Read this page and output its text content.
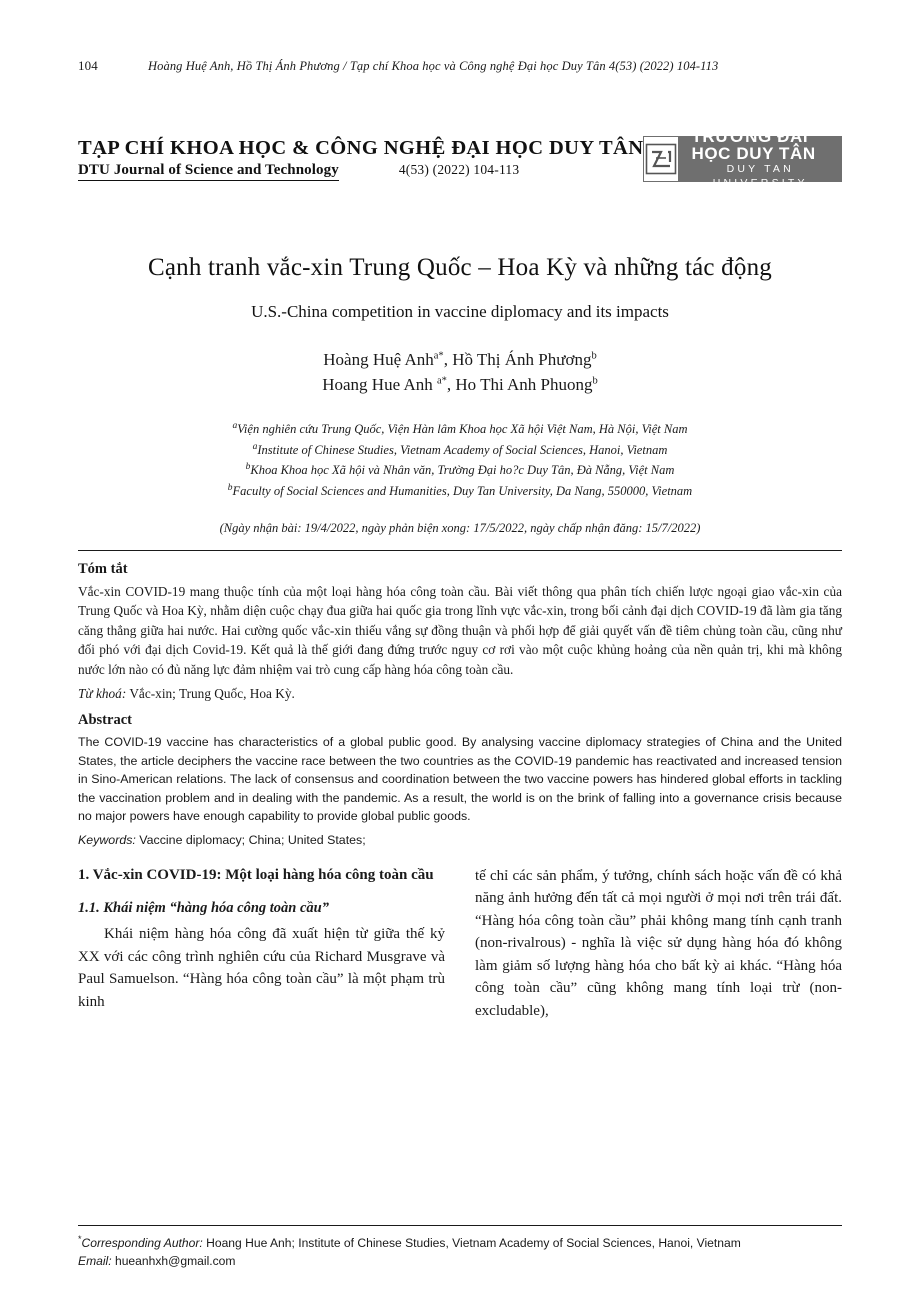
104	Hoàng Huệ Anh, Hồ Thị Ánh Phương / Tạp chí Khoa học và Công nghệ Đại học Duy Tân 4(53) (2022) 104-113
TẠP CHÍ KHOA HỌC & CÔNG NGHỆ ĐẠI HỌC DUY TÂN
DTU Journal of Science and Technology	4(53) (2022) 104-113
TRƯỜNG ĐẠI HỌC DUY TÂN
DUY TAN UNIVERSITY
Cạnh tranh vắc-xin Trung Quốc – Hoa Kỳ và những tác động
U.S.-China competition in vaccine diplomacy and its impacts
Hoàng Huệ Anh$^{a*}$, Hồ Thị Ánh Phương$^b$
Hoang Hue Anh $^{a*}$, Ho Thi Anh Phuong$^b$
$^a$Viện nghiên cứu Trung Quốc, Viện Hàn lâm Khoa học Xã hội Việt Nam, Hà Nội, Việt Nam
$^a$Institute of Chinese Studies, Vietnam Academy of Social Sciences, Hanoi, Vietnam
$^b$Khoa Khoa học Xã hội và Nhân văn, Trường Đại ho?c Duy Tân, Đà Nẵng, Việt Nam
$^b$Faculty of Social Sciences and Humanities, Duy Tan University, Da Nang, 550000, Vietnam
(Ngày nhận bài: 19/4/2022, ngày phản biện xong: 17/5/2022, ngày chấp nhận đăng: 15/7/2022)
Tóm tắt
Vắc-xin COVID-19 mang thuộc tính của một loại hàng hóa công toàn cầu. Bài viết thông qua phân tích chiến lược ngoại giao vắc-xin của Trung Quốc và Hoa Kỳ, nhằm diện cuộc chạy đua giữa hai quốc gia trong lĩnh vực vắc-xin, trong bối cảnh đại dịch COVID-19 đã làm gia tăng căng thẳng giữa hai nước. Hai cường quốc vắc-xin thiếu vắng sự đồng thuận và phối hợp để giải quyết vấn đề tiêm chủng toàn cầu, cũng như đối phó với đại dịch Covid-19. Kết quả là thế giới đang đứng trước nguy cơ rơi vào một cuộc khủng hoảng của nền quản trị, khi mà không nước lớn nào có đủ năng lực đảm nhiệm vai trò cung cấp hàng hóa công toàn cầu.
Từ khoá: Vắc-xin; Trung Quốc, Hoa Kỳ.
Abstract
The COVID-19 vaccine has characteristics of a global public good. By analysing vaccine diplomacy strategies of China and the United States, the article deciphers the vaccine race between the two countries as the COVID-19 pandemic has reactivated and increased tension in Sino-American relations. The lack of consensus and coordination between the two vaccine powers has hindered global efforts in tackling the vaccination problem and in dealing with the pandemic. As a result, the world is on the brink of falling into a governance crisis because no major powers have enough capability to provide global public goods.
Keywords: Vaccine diplomacy; China; United States;
1. Vắc-xin COVID-19: Một loại hàng hóa công toàn cầu
1.1. Khái niệm “hàng hóa công toàn cầu”

Khái niệm hàng hóa công đã xuất hiện từ giữa thế kỷ XX với các công trình nghiên cứu của Richard Musgrave và Paul Samuelson. “Hàng hóa công toàn cầu” là một phạm trù kinh

tế chỉ các sản phẩm, ý tưởng, chính sách hoặc vấn đề có khả năng ảnh hưởng đến tất cả mọi người ở mọi nơi trên trái đất. “Hàng hóa công toàn cầu” phải không mang tính cạnh tranh (non-rivalrous) - nghĩa là việc sử dụng hàng hóa đó không làm giảm số lượng hàng hóa cho bất kỳ ai khác. “Hàng hóa công toàn cầu” cũng không mang tính loại trừ (non-excludable),

*Corresponding Author: Hoang Hue Anh; Institute of Chinese Studies, Vietnam Academy of Social Sciences, Hanoi, Vietnam
Email: hueanhxh@gmail.com
